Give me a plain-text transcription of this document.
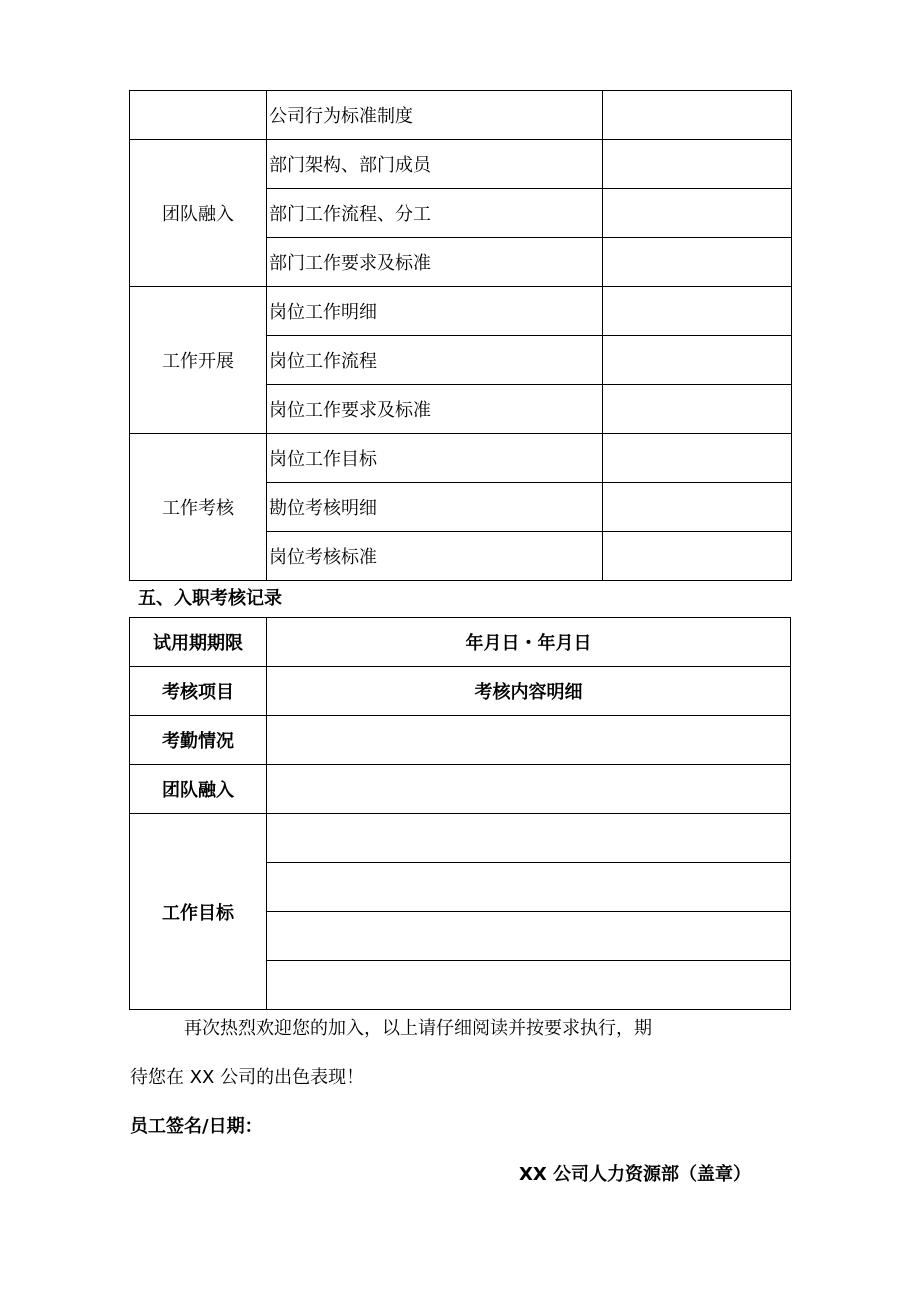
	公司行为标准制度	
团队融入	部门架构、部门成员	
	部门工作流程、分工	
	部门工作要求及标准	
工作开展	岗位工作明细	
	岗位工作流程	
	岗位工作要求及标准	
工作考核	岗位工作目标	
	勘位考核明细	
	岗位考核标准	
五、入职考核记录
试用期期限	年月日・年月日
考核项目	考核内容明细
考勤情况	
团队融入	
工作目标	

再次热烈欢迎您的加入，以上请仔细阅读并按要求执行，期
待您在 XX 公司的出色表现！
员工签名/日期：
XX 公司人力资源部（盖章）
